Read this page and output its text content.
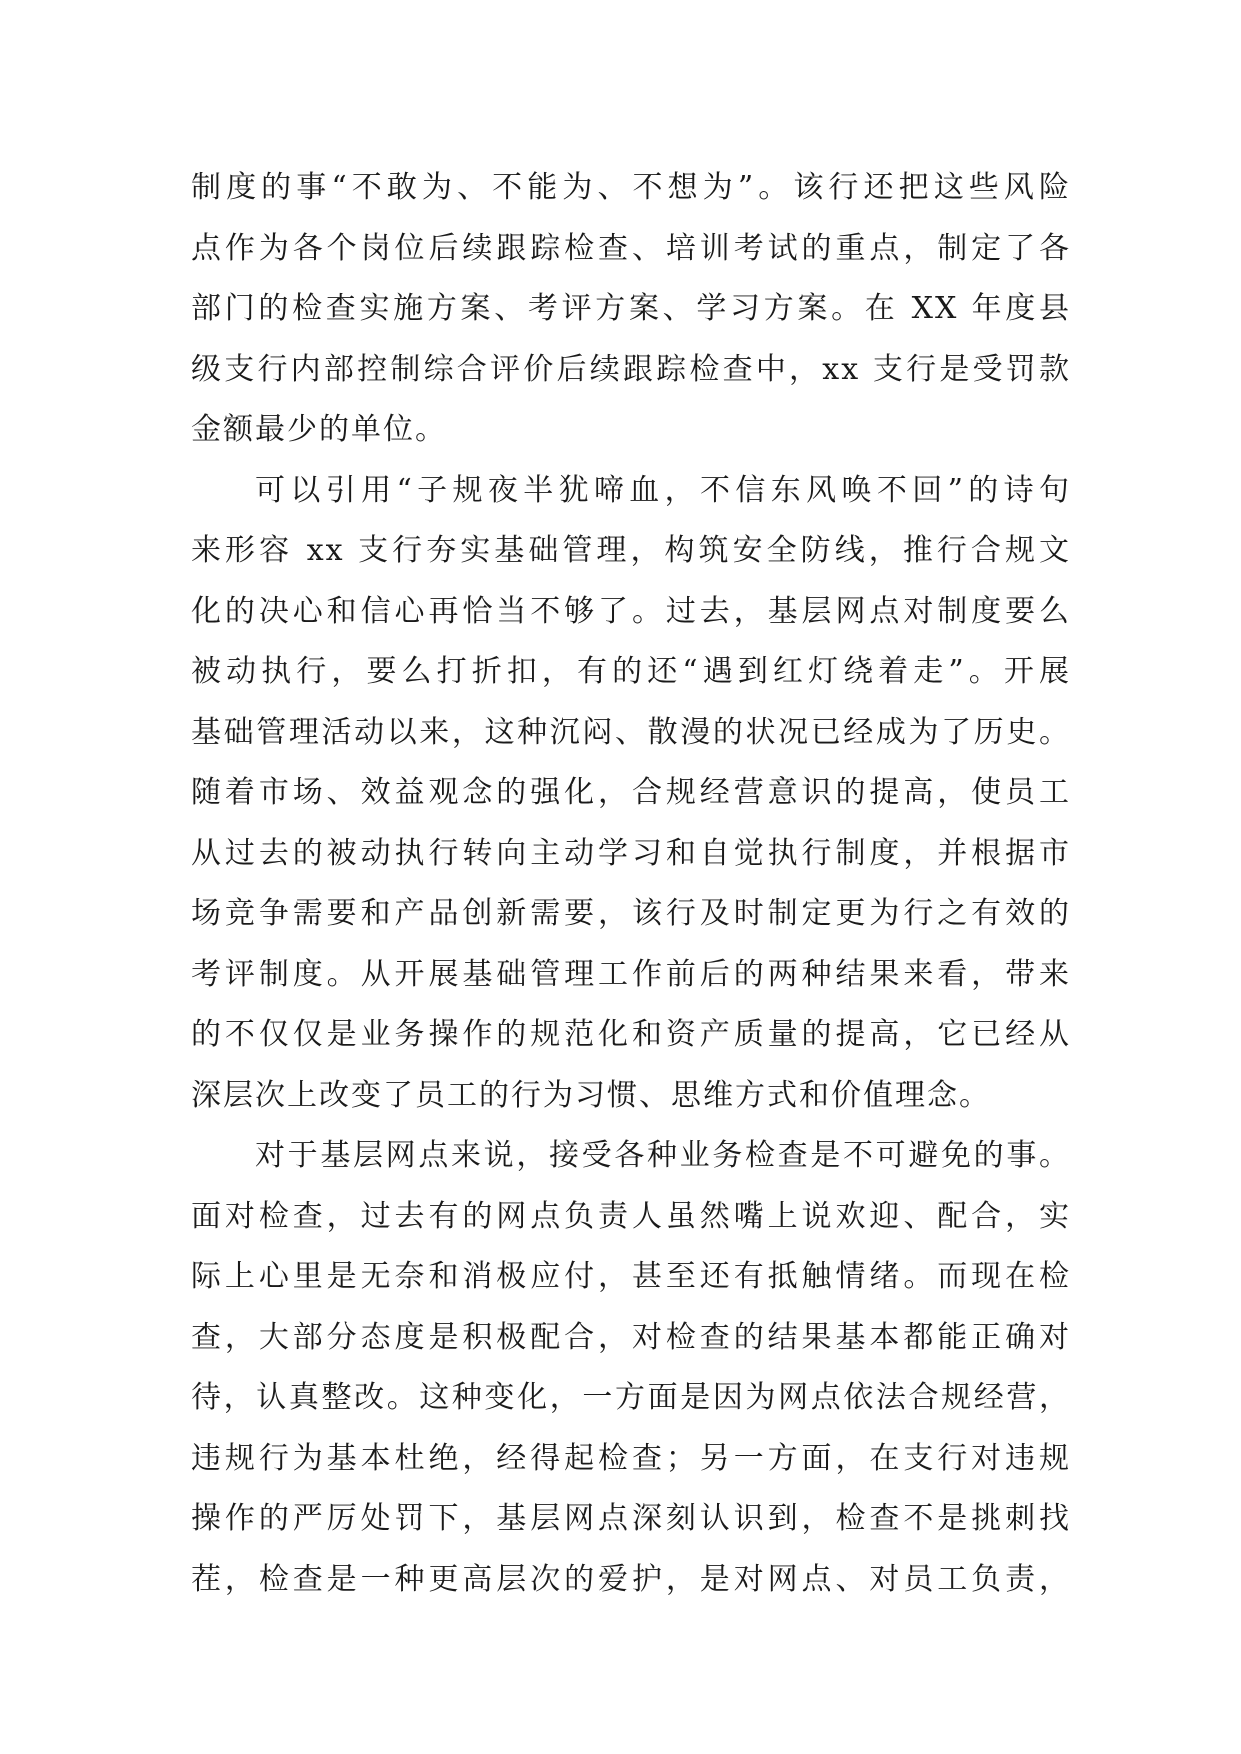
制度的事“不敢为、不能为、不想为”。该行还把这些风险
点作为各个岗位后续跟踪检查、培训考试的重点，制定了各
部门的检查实施方案、考评方案、学习方案。在 XX 年度县
级支行内部控制综合评价后续跟踪检查中，xx 支行是受罚款
金额最少的单位。
可以引用“子规夜半犹啼血，不信东风唤不回”的诗句
来形容 xx 支行夯实基础管理，构筑安全防线，推行合规文
化的决心和信心再恰当不够了。过去，基层网点对制度要么
被动执行，要么打折扣，有的还“遇到红灯绕着走”。开展
基础管理活动以来，这种沉闷、散漫的状况已经成为了历史。
随着市场、效益观念的强化，合规经营意识的提高，使员工
从过去的被动执行转向主动学习和自觉执行制度，并根据市
场竞争需要和产品创新需要，该行及时制定更为行之有效的
考评制度。从开展基础管理工作前后的两种结果来看，带来
的不仅仅是业务操作的规范化和资产质量的提高，它已经从
深层次上改变了员工的行为习惯、思维方式和价值理念。
对于基层网点来说，接受各种业务检查是不可避免的事。
面对检查，过去有的网点负责人虽然嘴上说欢迎、配合，实
际上心里是无奈和消极应付，甚至还有抵触情绪。而现在检
查，大部分态度是积极配合，对检查的结果基本都能正确对
待，认真整改。这种变化，一方面是因为网点依法合规经营，
违规行为基本杜绝，经得起检查；另一方面，在支行对违规
操作的严厉处罚下，基层网点深刻认识到，检查不是挑刺找
茬，检查是一种更高层次的爱护，是对网点、对员工负责，
